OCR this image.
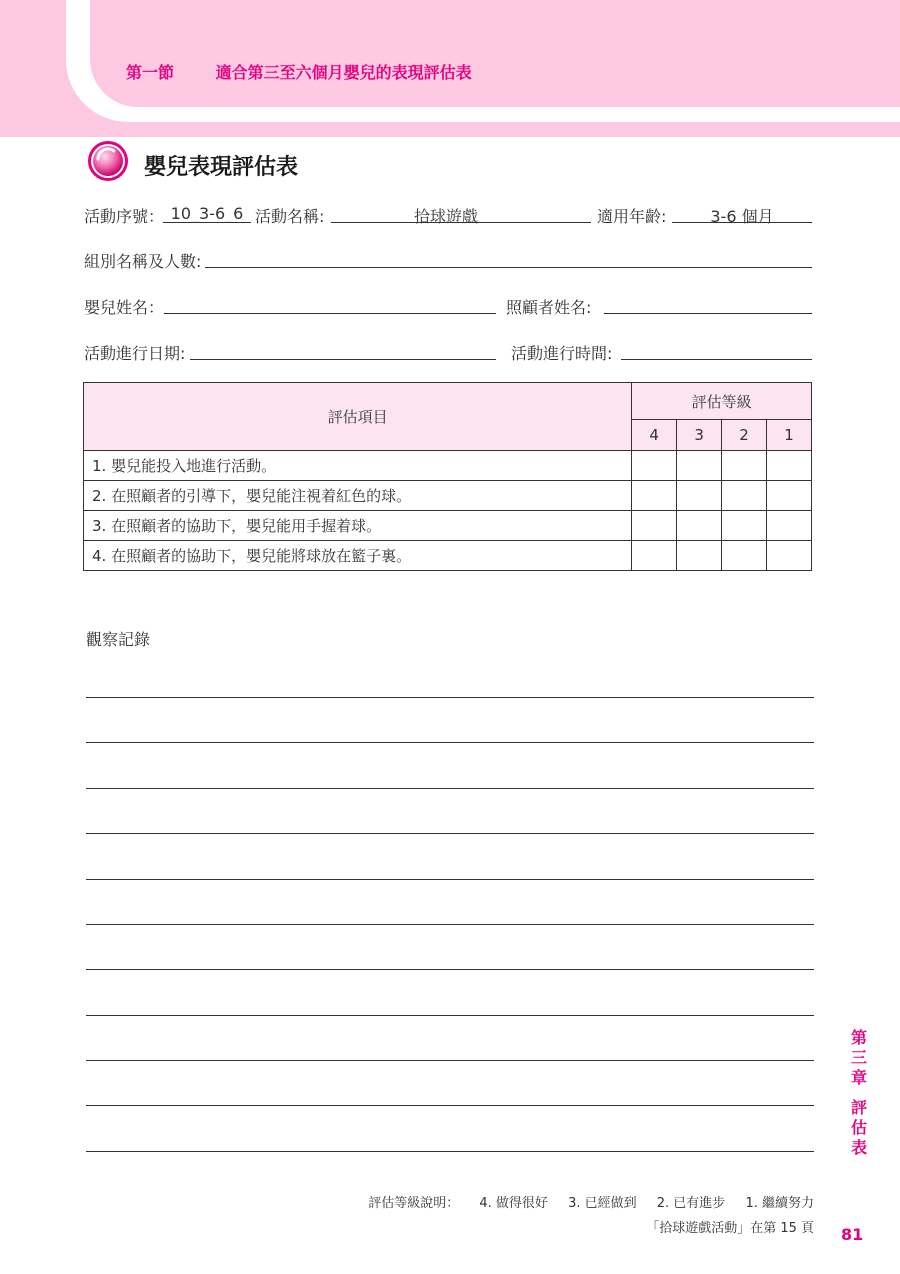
第一節	適合第三至六個月嬰兒的表現評估表
嬰兒表現評估表
活動序號： 10_3-6_6 活動名稱:	拾球遊戲	適用年齡:	3-6 個月
組別名稱及人數:
嬰兒姓名：	照顧者姓名:
活動進行日期:	活動進行時間:
評估項目	評估等級			
	4	3	2	1
1. 嬰兒能投入地進行活動。				
2. 在照顧者的引導下，嬰兒能注視着紅色的球。				
3. 在照顧者的協助下，嬰兒能用手握着球。				
4. 在照顧者的協助下，嬰兒能將球放在籃子裏。				
觀察記錄
第三章
評估表
評估等級說明： 4. 做得很好 3. 已經做到 2. 已有進步 1. 繼續努力
「拾球遊戲活動」在第 15 頁 81
